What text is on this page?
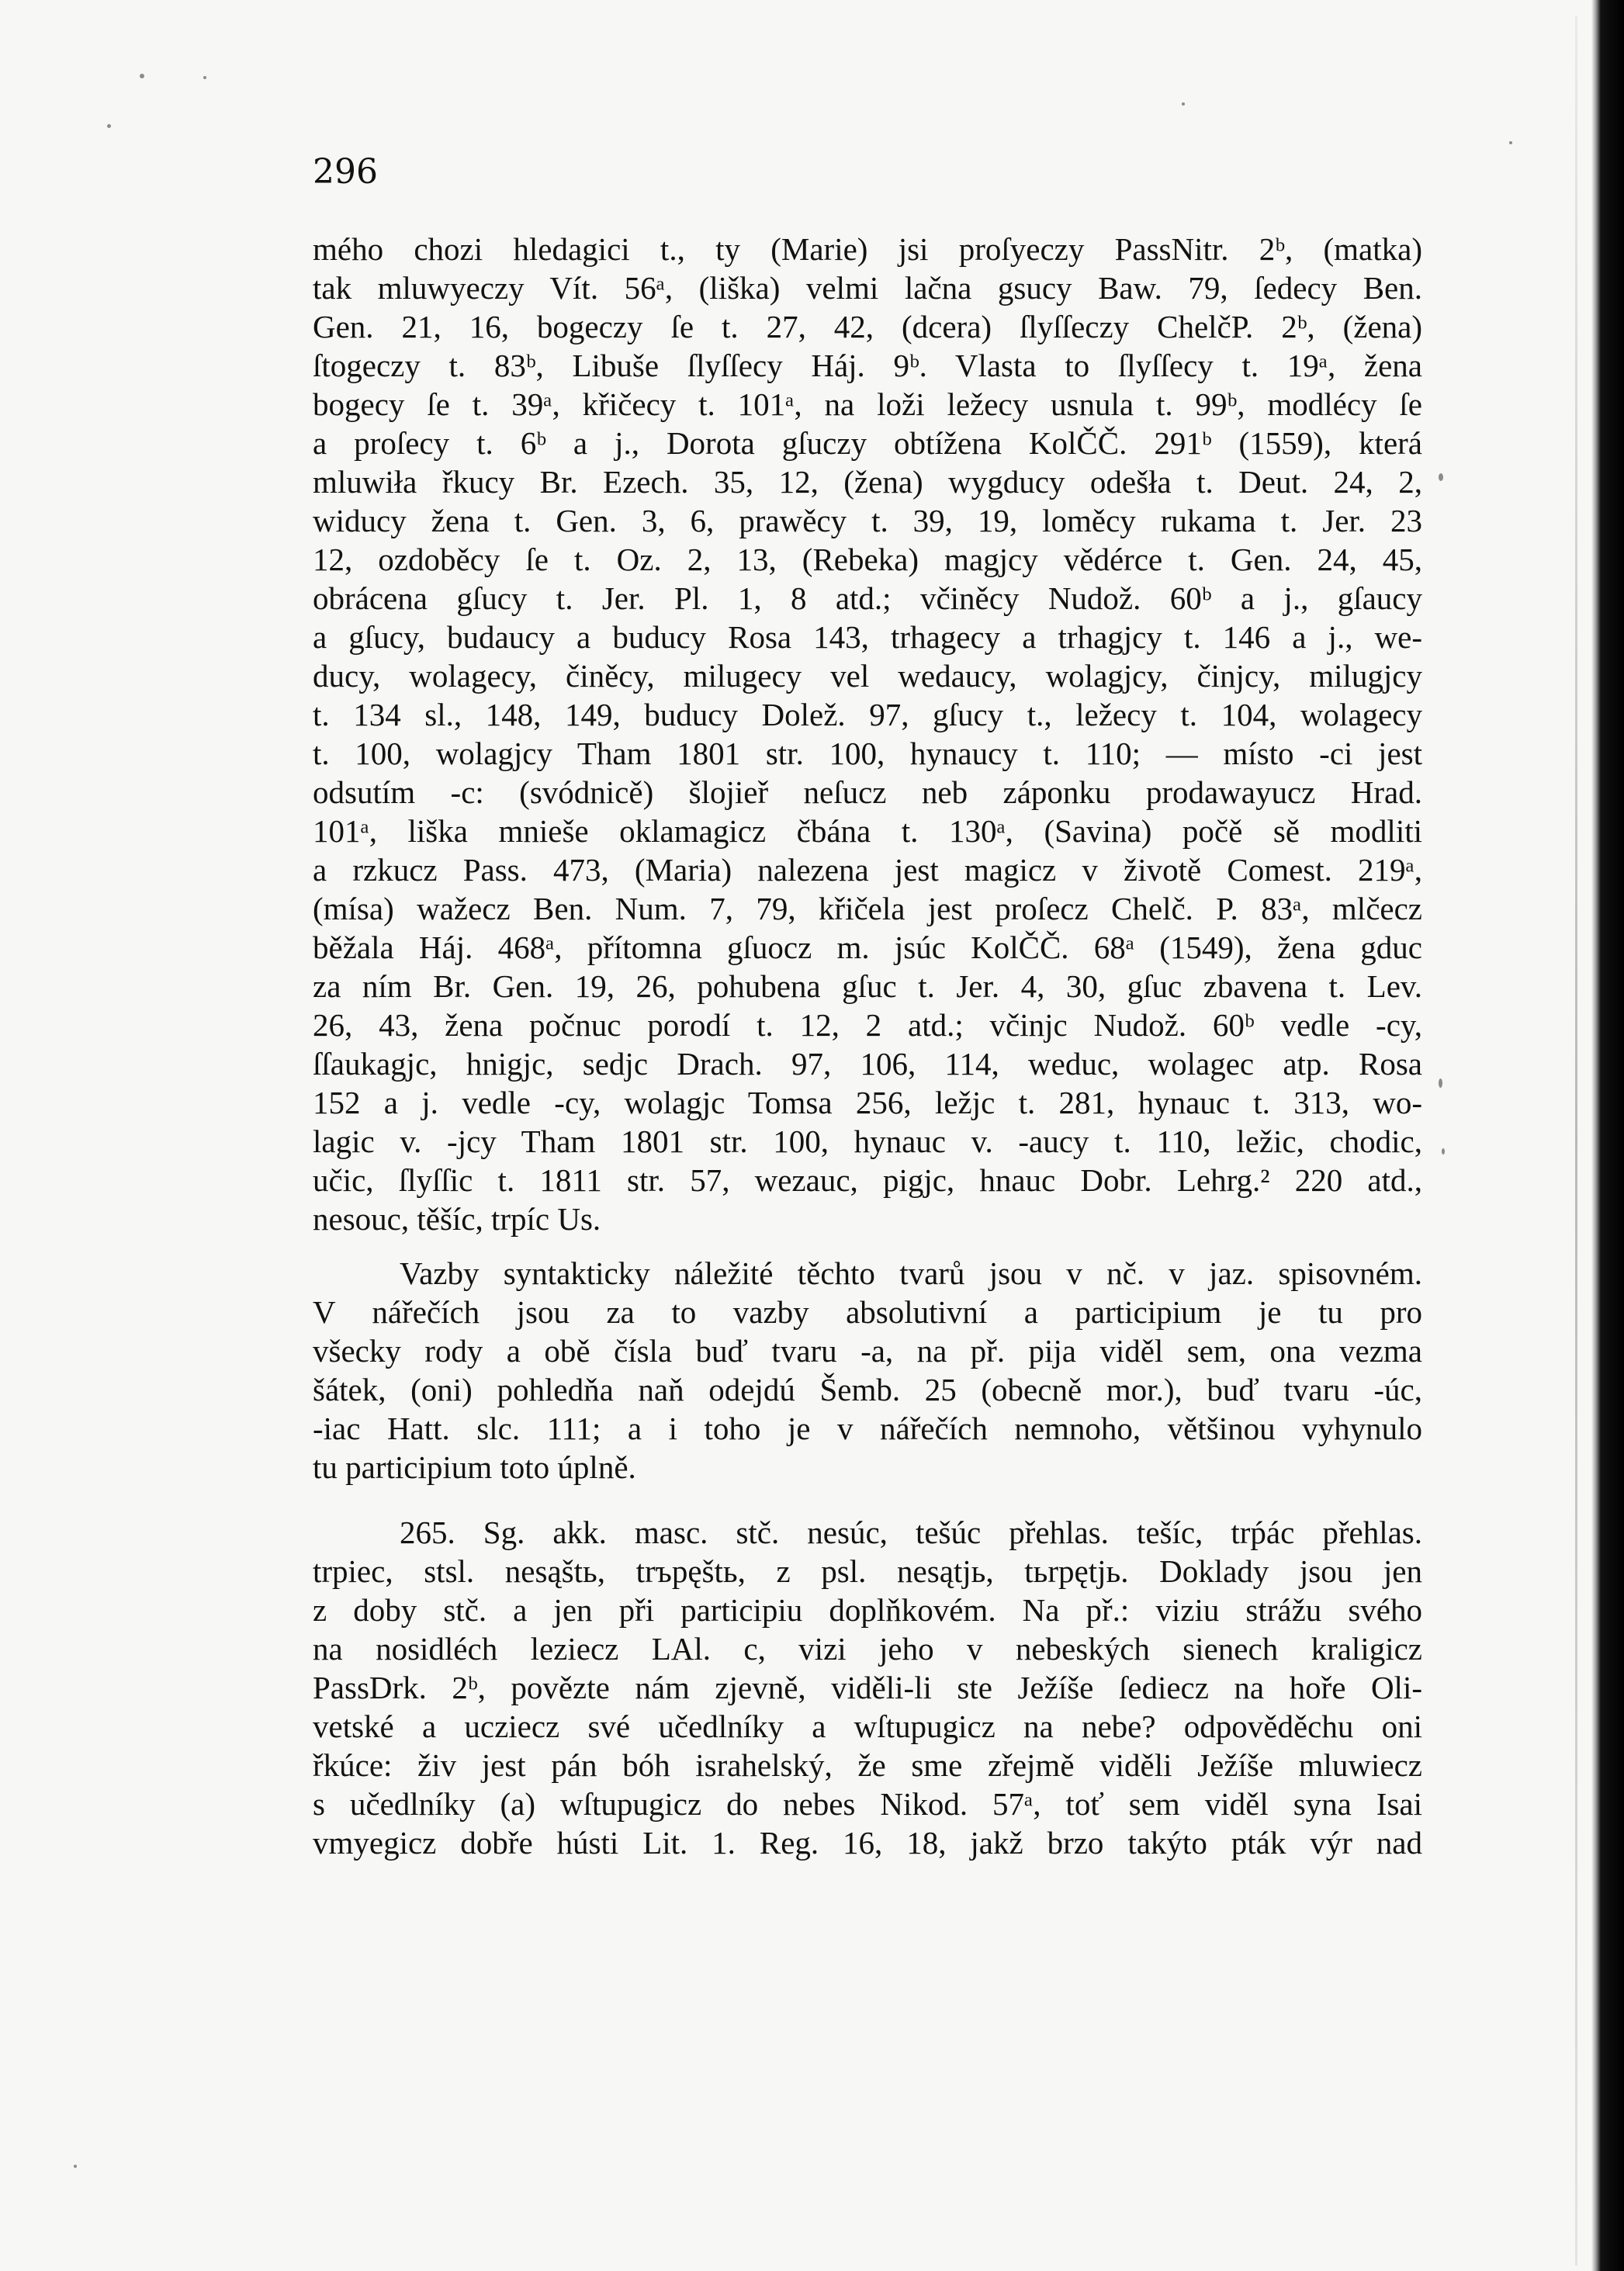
296
mého chozi hledagici t., ty (Marie) jsi proſyeczy PassNitr. 2ᵇ, (matka)
tak mluwyeczy Vít. 56ᵃ, (liška) velmi lačna gsucy Baw. 79, ſedecy Ben.
Gen. 21, 16, bogeczy ſe t. 27, 42, (dcera) ſlyſſeczy ChelčP. 2ᵇ, (žena)
ſtogeczy t. 83ᵇ, Libuše ſlyſſecy Háj. 9ᵇ. Vlasta to ſlyſſecy t. 19ᵃ, žena
bogecy ſe t. 39ᵃ, křičecy t. 101ᵃ, na loži ležecy usnula t. 99ᵇ, modlécy ſe
a proſecy t. 6ᵇ a j., Dorota gſuczy obtížena KolČČ. 291ᵇ (1559), která
mluwiła řkucy Br. Ezech. 35, 12, (žena) wygducy odešła t. Deut. 24, 2,
widucy žena t. Gen. 3, 6, prawěcy t. 39, 19, loměcy rukama t. Jer. 23
12, ozdoběcy ſe t. Oz. 2, 13, (Rebeka) magjcy vědérce t. Gen. 24, 45,
obrácena gſucy t. Jer. Pl. 1, 8 atd.; včiněcy Nudož. 60ᵇ a j., gſaucy
a gſucy, budaucy a buducy Rosa 143, trhagecy a trhagjcy t. 146 a j., we-
ducy, wolagecy, činěcy, milugecy vel wedaucy, wolagjcy, činjcy, milugjcy
t. 134 sl., 148, 149, buducy Dolež. 97, gſucy t., ležecy t. 104, wolagecy
t. 100, wolagjcy Tham 1801 str. 100, hynaucy t. 110; — místo -ci jest
odsutím -c: (svódnicě) šlojieř neſucz neb záponku prodawayucz Hrad.
101ᵃ, liška mnieše oklamagicz čbána t. 130ᵃ, (Savina) počě sě modliti
a rzkucz Pass. 473, (Maria) nalezena jest magicz v životě Comest. 219ᵃ,
(mísa) wažecz Ben. Num. 7, 79, křičela jest proſecz Chelč. P. 83ᵃ, mlčecz
běžala Háj. 468ᵃ, přítomna gſuocz m. jsúc KolČČ. 68ᵃ (1549), žena gduc
za ním Br. Gen. 19, 26, pohubena gſuc t. Jer. 4, 30, gſuc zbavena t. Lev.
26, 43, žena počnuc porodí t. 12, 2 atd.; včinjc Nudož. 60ᵇ vedle -cy,
ſſaukagjc, hnigjc, sedjc Drach. 97, 106, 114, weduc, wolagec atp. Rosa
152 a j. vedle -cy, wolagjc Tomsa 256, ležjc t. 281, hynauc t. 313, wo-
lagic v. -jcy Tham 1801 str. 100, hynauc v. -aucy t. 110, ležic, chodic,
učic, ſlyſſic t. 1811 str. 57, wezauc, pigjc, hnauc Dobr. Lehrg.² 220 atd.,
nesouc, těšíc, trpíc Us.
Vazby syntakticky náležité těchto tvarů jsou v nč. v jaz. spisovném.
V nářečích jsou za to vazby absolutivní a participium je tu pro
všecky rody a obě čísla buď tvaru -a, na př. pija viděl sem, ona vezma
šátek, (oni) pohledňa naň odejdú Šemb. 25 (obecně mor.), buď tvaru -úc,
-iac Hatt. slc. 111; a i toho je v nářečích nemnoho, většinou vyhynulo
tu participium toto úplně.
265. Sg. akk. masc. stč. nesúc, tešúc přehlas. tešíc, trṕác přehlas.
trpiec, stsl. nesąštь, trъpęštь, z psl. nesątjь, tьrpętjь. Doklady jsou jen
z doby stč. a jen při participiu doplňkovém. Na př.: viziu strážu svého
na nosidléch leziecz LAl. c, vizi jeho v nebeských sienech kraligicz
PassDrk. 2ᵇ, povězte nám zjevně, viděli-li ste Ježíše ſediecz na hoře Oli-
vetské a ucziecz své učedlníky a wſtupugicz na nebe? odpověděchu oni
řkúce: živ jest pán bóh israhelský, že sme zřejmě viděli Ježíše mluwiecz
s učedlníky (a) wſtupugicz do nebes Nikod. 57ᵃ, toť sem viděl syna Isai
vmyegicz dobře hústi Lit. 1. Reg. 16, 18, jakž brzo takýto pták výr nad
